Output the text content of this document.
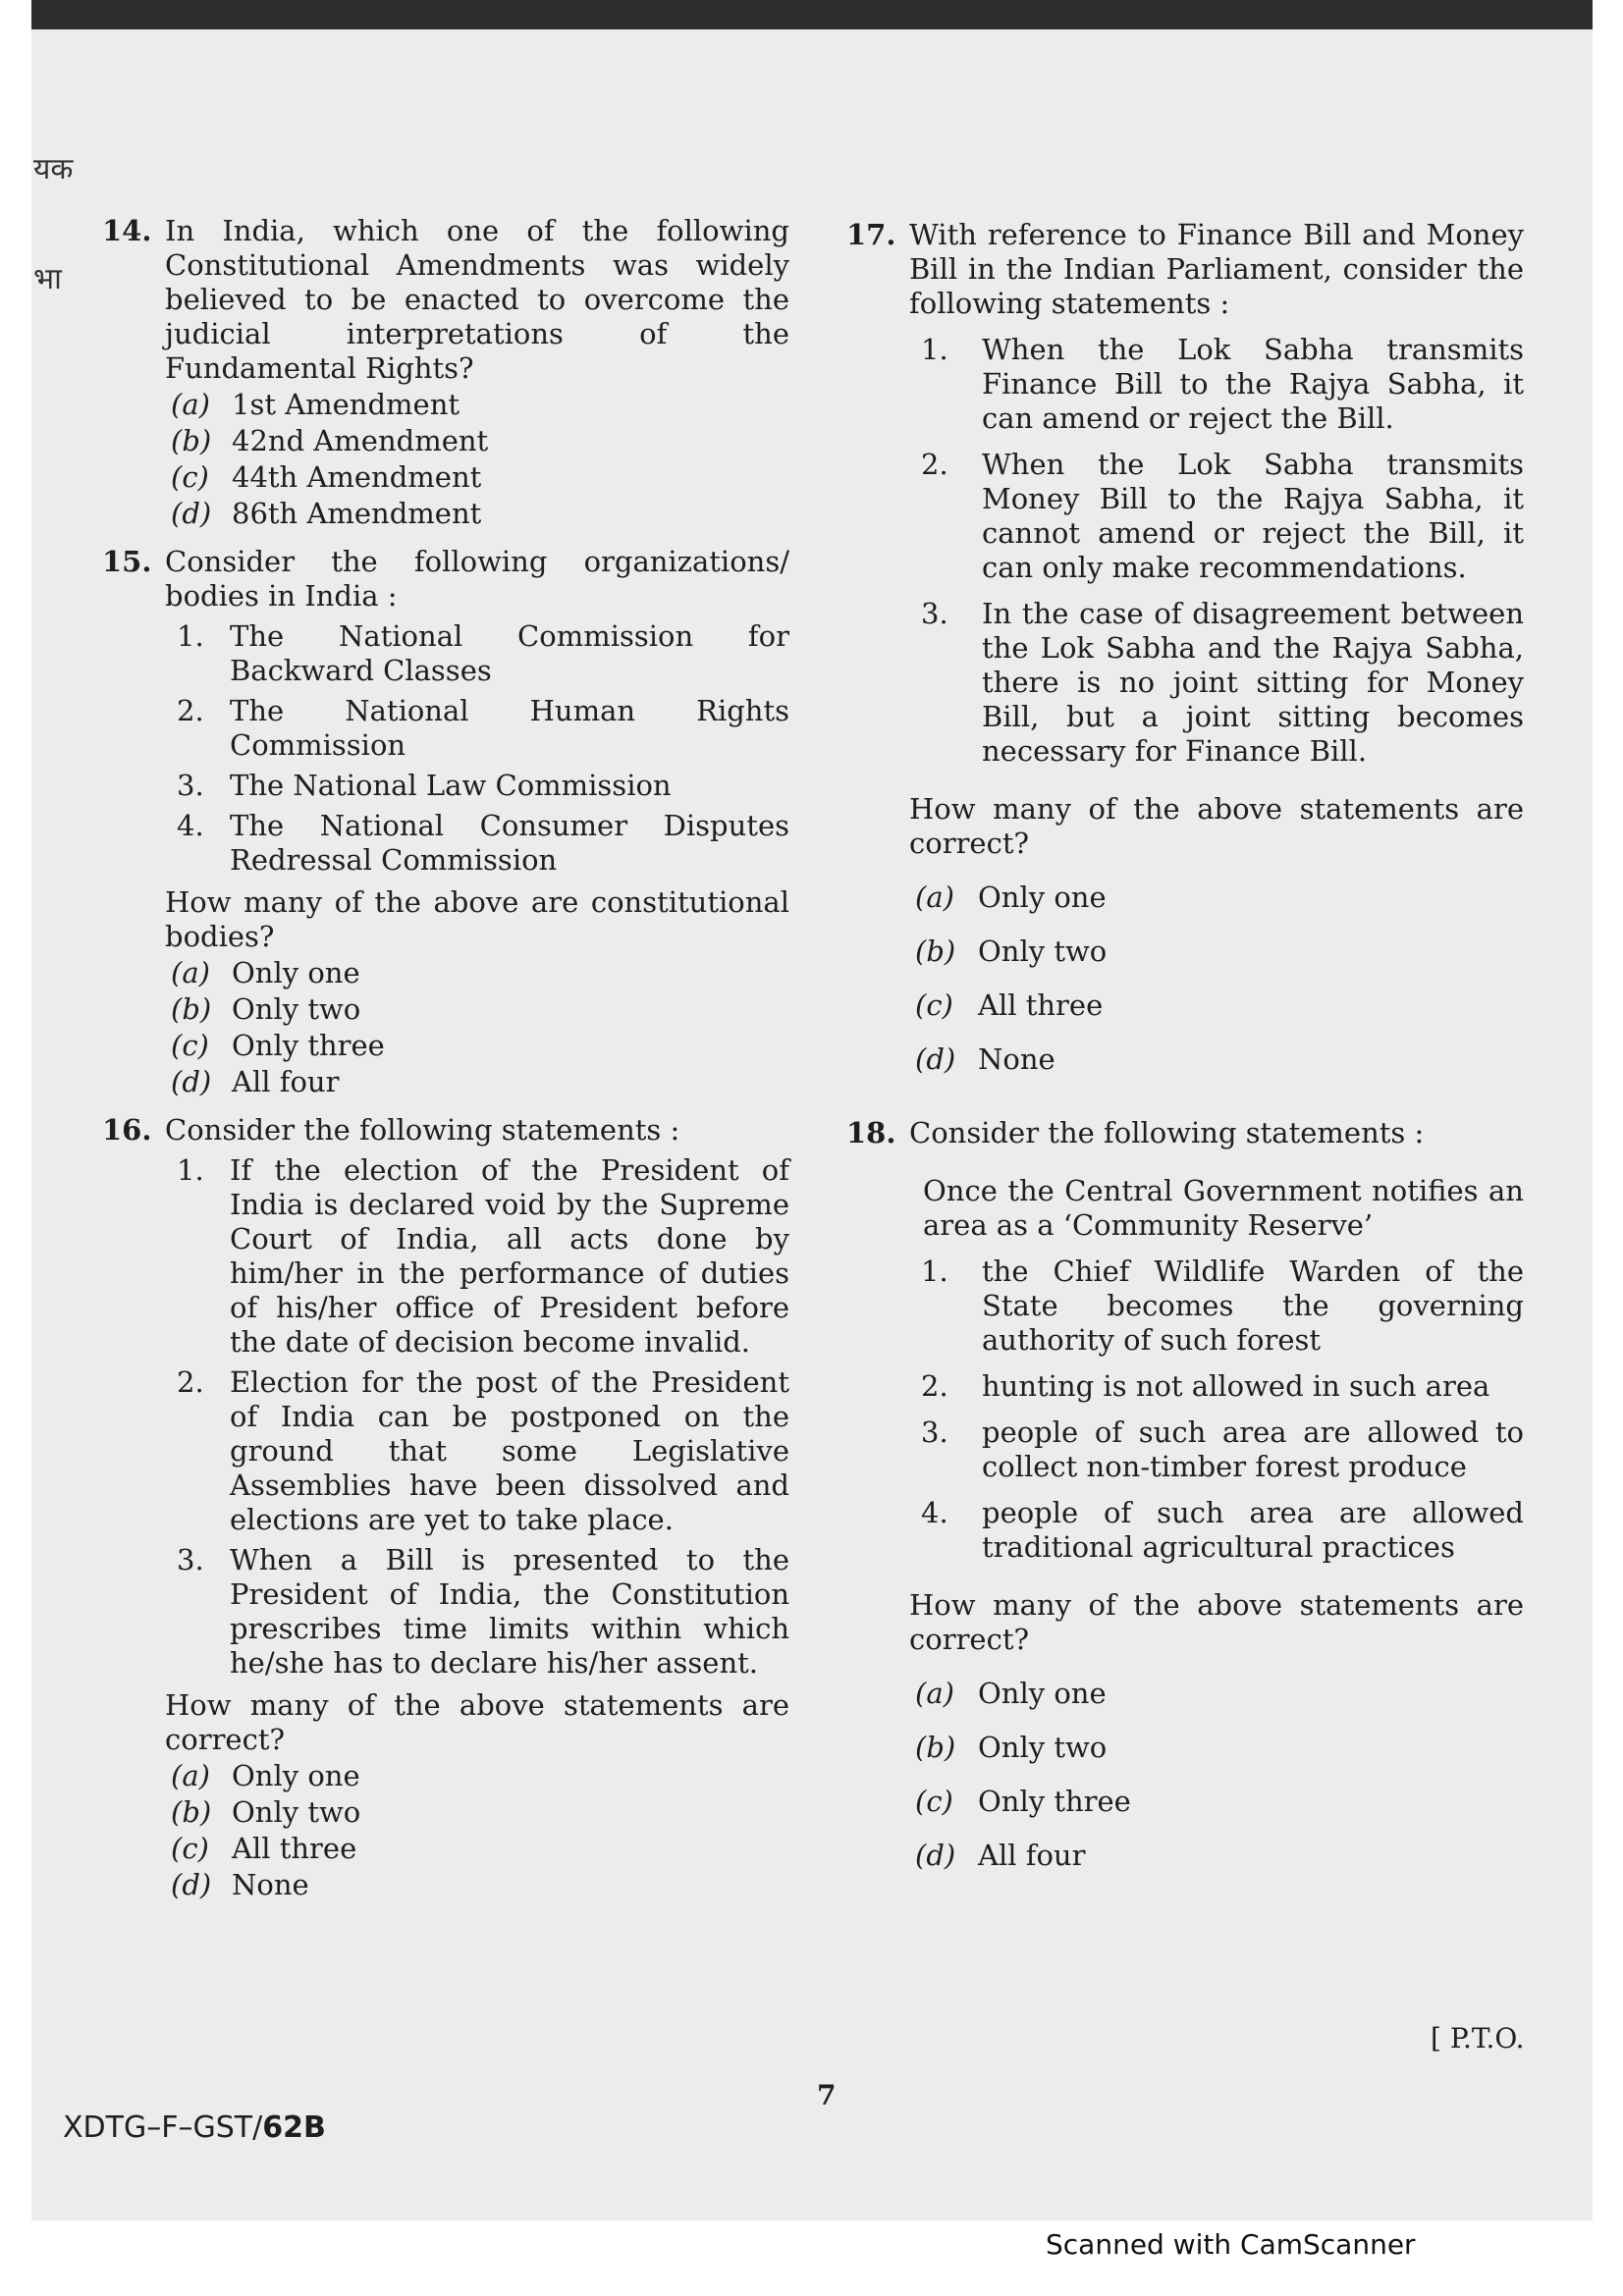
यक
भा
14. In India, which one of the following Constitutional Amendments was widely believed to be enacted to overcome the judicial interpretations of the Fundamental Rights?
(a) 1st Amendment
(b) 42nd Amendment
(c) 44th Amendment
(d) 86th Amendment
15. Consider the following organizations/ bodies in India :
1. The National Commission for Backward Classes
2. The National Human Rights Commission
3. The National Law Commission
4. The National Consumer Disputes Redressal Commission
How many of the above are constitutional bodies?
(a) Only one
(b) Only two
(c) Only three
(d) All four
16. Consider the following statements :
1. If the election of the President of India is declared void by the Supreme Court of India, all acts done by him/her in the performance of duties of his/her office of President before the date of decision become invalid.
2. Election for the post of the President of India can be postponed on the ground that some Legislative Assemblies have been dissolved and elections are yet to take place.
3. When a Bill is presented to the President of India, the Constitution prescribes time limits within which he/she has to declare his/her assent.
How many of the above statements are correct?
(a) Only one
(b) Only two
(c) All three
(d) None
17. With reference to Finance Bill and Money Bill in the Indian Parliament, consider the following statements :
1. When the Lok Sabha transmits Finance Bill to the Rajya Sabha, it can amend or reject the Bill.
2. When the Lok Sabha transmits Money Bill to the Rajya Sabha, it cannot amend or reject the Bill, it can only make recommendations.
3. In the case of disagreement between the Lok Sabha and the Rajya Sabha, there is no joint sitting for Money Bill, but a joint sitting becomes necessary for Finance Bill.
How many of the above statements are correct?
(a) Only one
(b) Only two
(c) All three
(d) None
18. Consider the following statements :
Once the Central Government notifies an area as a ‘Community Reserve’
1. the Chief Wildlife Warden of the State becomes the governing authority of such forest
2. hunting is not allowed in such area
3. people of such area are allowed to collect non-timber forest produce
4. people of such area are allowed traditional agricultural practices
How many of the above statements are correct?
(a) Only one
(b) Only two
(c) Only three
(d) All four
[ P.T.O.
7
XDTG–F–GST/62B
Scanned with CamScanner
